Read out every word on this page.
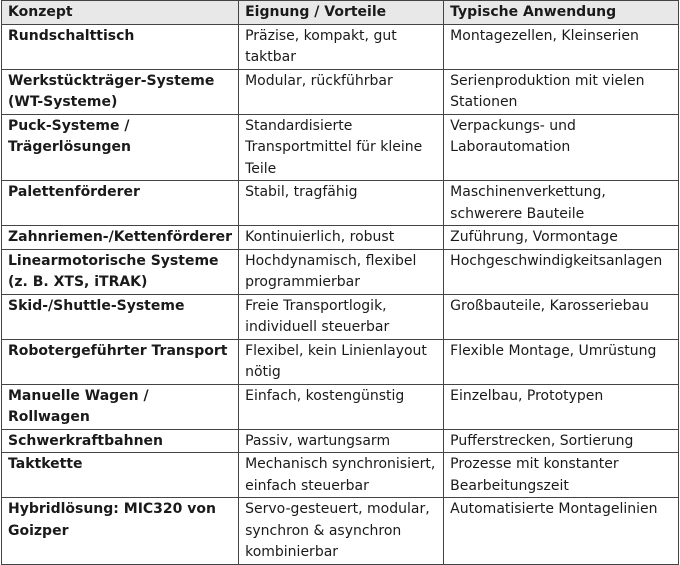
Konzept	Eignung / Vorteile	Typische Anwendung
Rundschalttisch	Präzise, kompakt, gut taktbar	Montagezellen, Kleinserien
Werkstückträger-Systeme (WT-Systeme)	Modular, rückführbar	Serienproduktion mit vielen Stationen
Puck-Systeme / Trägerlösungen	Standardisierte Transportmittel für kleine Teile	Verpackungs- und Laborautomation
Palettenförderer	Stabil, tragfähig	Maschinenverkettung, schwerere Bauteile
Zahnriemen-/Kettenförderer	Kontinuierlich, robust	Zuführung, Vormontage
Linearmotorische Systeme (z. B. XTS, iTRAK)	Hochdynamisch, flexibel programmierbar	Hochgeschwindigkeitsanlagen
Skid-/Shuttle-Systeme	Freie Transportlogik, individuell steuerbar	Großbauteile, Karosseriebau
Robotergeführter Transport	Flexibel, kein Linienlayout nötig	Flexible Montage, Umrüstung
Manuelle Wagen / Rollwagen	Einfach, kostengünstig	Einzelbau, Prototypen
Schwerkraftbahnen	Passiv, wartungsarm	Pufferstrecken, Sortierung
Taktkette	Mechanisch synchronisiert, einfach steuerbar	Prozesse mit konstanter Bearbeitungszeit
Hybridlösung: MIC320 von Goizper	Servo-gesteuert, modular, synchron & asynchron kombinierbar	Automatisierte Montagelinien
